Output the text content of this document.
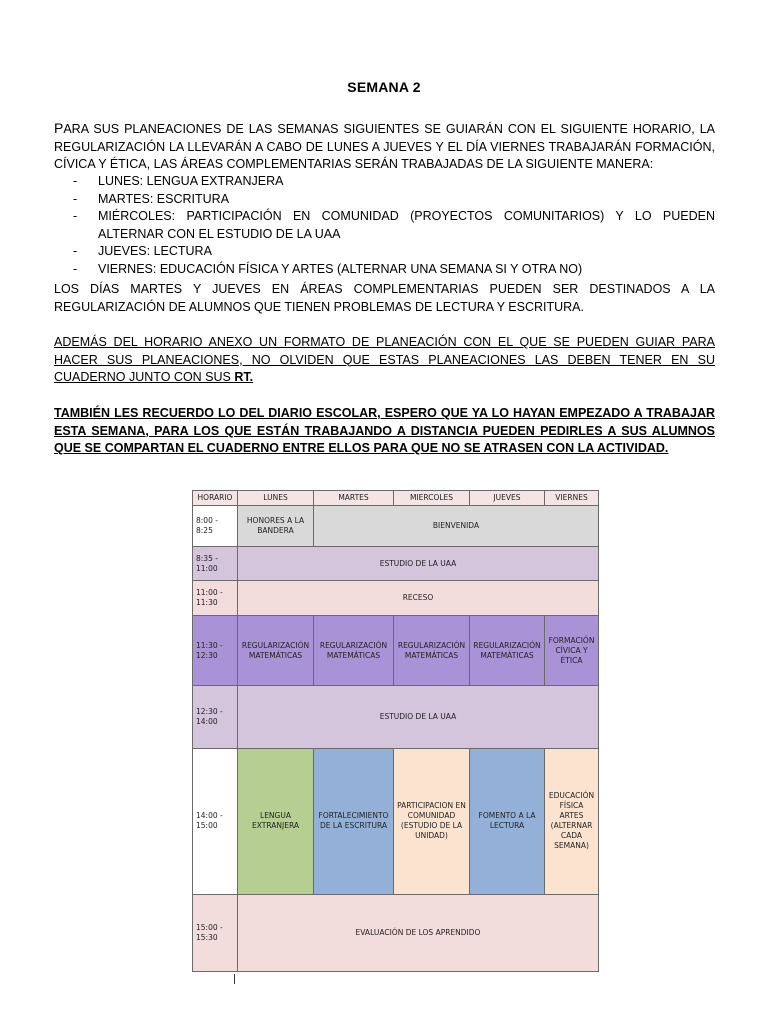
SEMANA 2
PARA SUS PLANEACIONES DE LAS SEMANAS SIGUIENTES SE GUIARÁN CON EL SIGUIENTE HORARIO, LA REGULARIZACIÓN LA LLEVARÁN A CABO DE LUNES A JUEVES Y EL DÍA VIERNES TRABAJARÁN FORMACIÓN, CÍVICA Y ÉTICA, LAS ÁREAS COMPLEMENTARIAS SERÁN TRABAJADAS DE LA SIGUIENTE MANERA:
- LUNES: LENGUA EXTRANJERA
- MARTES: ESCRITURA
- MIÉRCOLES: PARTICIPACIÓN EN COMUNIDAD (PROYECTOS COMUNITARIOS) Y LO PUEDEN ALTERNAR CON EL ESTUDIO DE LA UAA
- JUEVES: LECTURA
- VIERNES: EDUCACIÓN FÍSICA Y ARTES (ALTERNAR UNA SEMANA SI Y OTRA NO)
LOS DÍAS MARTES Y JUEVES EN ÁREAS COMPLEMENTARIAS PUEDEN SER DESTINADOS A LA REGULARIZACIÓN DE ALUMNOS QUE TIENEN PROBLEMAS DE LECTURA Y ESCRITURA.
ADEMÁS DEL HORARIO ANEXO UN FORMATO DE PLANEACIÓN CON EL QUE SE PUEDEN GUIAR PARA HACER SUS PLANEACIONES, NO OLVIDEN QUE ESTAS PLANEACIONES LAS DEBEN TENER EN SU CUADERNO JUNTO CON SUS RT.
TAMBIÉN LES RECUERDO LO DEL DIARIO ESCOLAR, ESPERO QUE YA LO HAYAN EMPEZADO A TRABAJAR ESTA SEMANA, PARA LOS QUE ESTÁN TRABAJANDO A DISTANCIA PUEDEN PEDIRLES A SUS ALUMNOS QUE SE COMPARTAN EL CUADERNO ENTRE ELLOS PARA QUE NO SE ATRASEN CON LA ACTIVIDAD.
HORARIO	LUNES	MARTES	MIERCOLES	JUEVES	VIERNES
8:00 - 8:25	HONORES A LA BANDERA	BIENVENIDA			
8:35 - 11:00	ESTUDIO DE LA UAA				
11:00 - 11:30	RECESO				
11:30 - 12:30	REGULARIZACIÓN MATEMÁTICAS	REGULARIZACIÓN MATEMÁTICAS	REGULARIZACIÓN MATEMÁTICAS	REGULARIZACIÓN MATEMÁTICAS	FORMACIÓN CÍVICA Y ÉTICA
12:30 - 14:00	ESTUDIO DE LA UAA				
14:00 - 15:00	LENGUA EXTRANJERA	FORTALECIMIENTO DE LA ESCRITURA	PARTICIPACION EN COMUNIDAD (ESTUDIO DE LA UNIDAD)	FOMENTO A LA LECTURA	EDUCACIÓN FÍSICA ARTES (ALTERNAR CADA SEMANA)
15:00 - 15:30	EVALUACIÓN DE LOS APRENDIDO				
